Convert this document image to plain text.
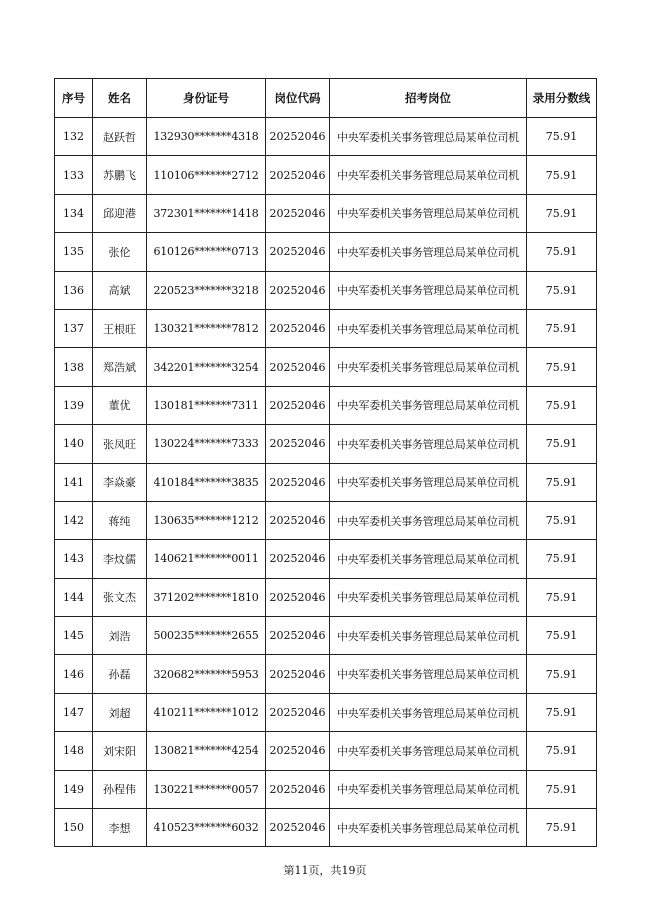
序号	姓名	身份证号	岗位代码	招考岗位	录用分数线
132	赵跃哲	132930*******4318	20252046	中央军委机关事务管理总局某单位司机	75.91
133	苏鹏飞	110106*******2712	20252046	中央军委机关事务管理总局某单位司机	75.91
134	邱迎港	372301*******1418	20252046	中央军委机关事务管理总局某单位司机	75.91
135	张伦	610126*******0713	20252046	中央军委机关事务管理总局某单位司机	75.91
136	高斌	220523*******3218	20252046	中央军委机关事务管理总局某单位司机	75.91
137	王根旺	130321*******7812	20252046	中央军委机关事务管理总局某单位司机	75.91
138	郑浩斌	342201*******3254	20252046	中央军委机关事务管理总局某单位司机	75.91
139	董优	130181*******7311	20252046	中央军委机关事务管理总局某单位司机	75.91
140	张凤旺	130224*******7333	20252046	中央军委机关事务管理总局某单位司机	75.91
141	李焱豪	410184*******3835	20252046	中央军委机关事务管理总局某单位司机	75.91
142	蒋纯	130635*******1212	20252046	中央军委机关事务管理总局某单位司机	75.91
143	李炆儒	140621*******0011	20252046	中央军委机关事务管理总局某单位司机	75.91
144	张文杰	371202*******1810	20252046	中央军委机关事务管理总局某单位司机	75.91
145	刘浩	500235*******2655	20252046	中央军委机关事务管理总局某单位司机	75.91
146	孙磊	320682*******5953	20252046	中央军委机关事务管理总局某单位司机	75.91
147	刘超	410211*******1012	20252046	中央军委机关事务管理总局某单位司机	75.91
148	刘宋阳	130821*******4254	20252046	中央军委机关事务管理总局某单位司机	75.91
149	孙程伟	130221*******0057	20252046	中央军委机关事务管理总局某单位司机	75.91
150	李想	410523*******6032	20252046	中央军委机关事务管理总局某单位司机	75.91
第11页，共19页
